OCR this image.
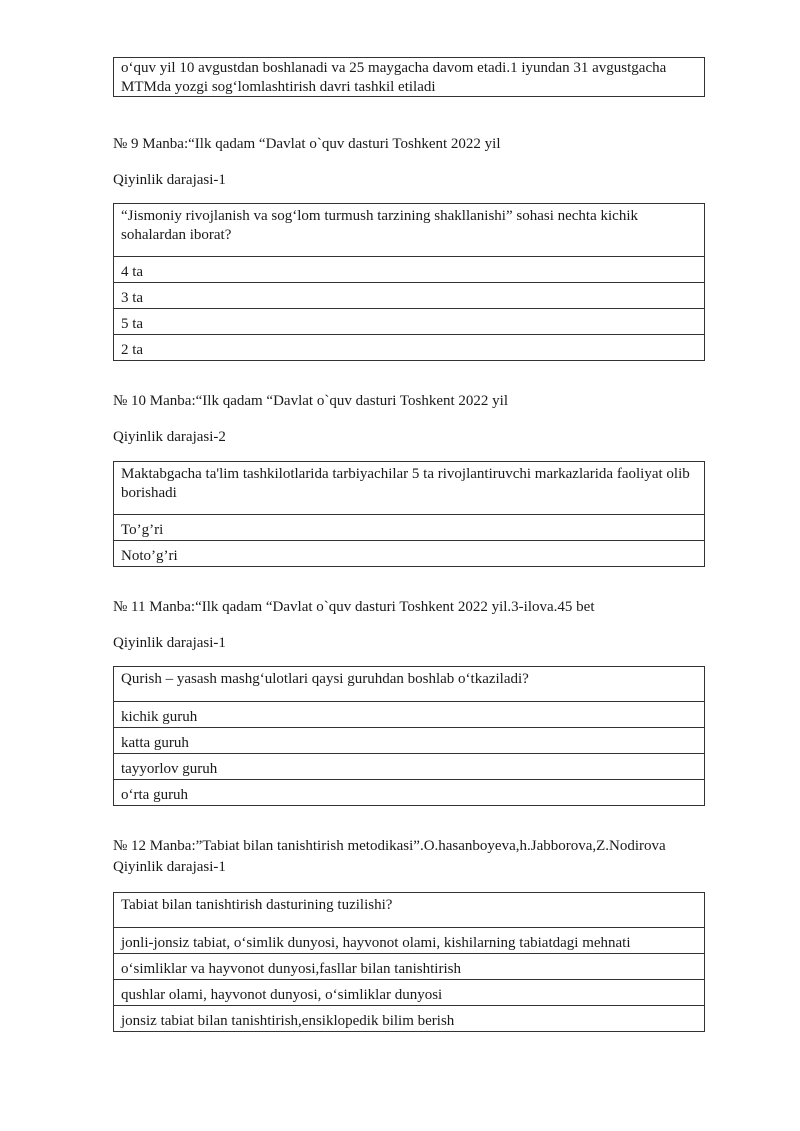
o‘quv yil 10 avgustdan boshlanadi va 25 maygacha davom etadi.1 iyundan 31 avgustgacha MTMda yozgi sog‘lomlashtirish davri tashkil etiladi
№ 9 Manba:“Ilk qadam “Davlat o`quv dasturi Toshkent 2022 yil
Qiyinlik darajasi-1
“Jismoniy rivojlanish va sog‘lom turmush tarzining shakllanishi” sohasi nechta kichik sohalardan iborat?
4 ta
3 ta
5 ta
2 ta
№ 10 Manba:“Ilk qadam “Davlat o`quv dasturi Toshkent 2022 yil
Qiyinlik darajasi-2
Maktabgacha ta'lim tashkilotlarida tarbiyachilar 5 ta rivojlantiruvchi markazlarida faoliyat olib borishadi
To’g’ri
Noto’g’ri
№ 11 Manba:“Ilk qadam “Davlat o`quv dasturi Toshkent 2022 yil.3-ilova.45 bet
Qiyinlik darajasi-1
Qurish – yasash mashg‘ulotlari qaysi guruhdan boshlab o‘tkaziladi?
kichik guruh
katta guruh
tayyorlov guruh
o‘rta guruh
№ 12 Manba:”Tabiat bilan tanishtirish metodikasi”.O.hasanboyeva,h.Jabborova,Z.Nodirova
Qiyinlik darajasi-1
Tabiat bilan tanishtirish dasturining tuzilishi?
jonli-jonsiz tabiat, o‘simlik dunyosi, hayvonot olami, kishilarning tabiatdagi mehnati
o‘simliklar va hayvonot dunyosi,fasllar bilan tanishtirish
qushlar olami, hayvonot dunyosi, o‘simliklar dunyosi
jonsiz tabiat bilan tanishtirish,ensiklopedik bilim berish
